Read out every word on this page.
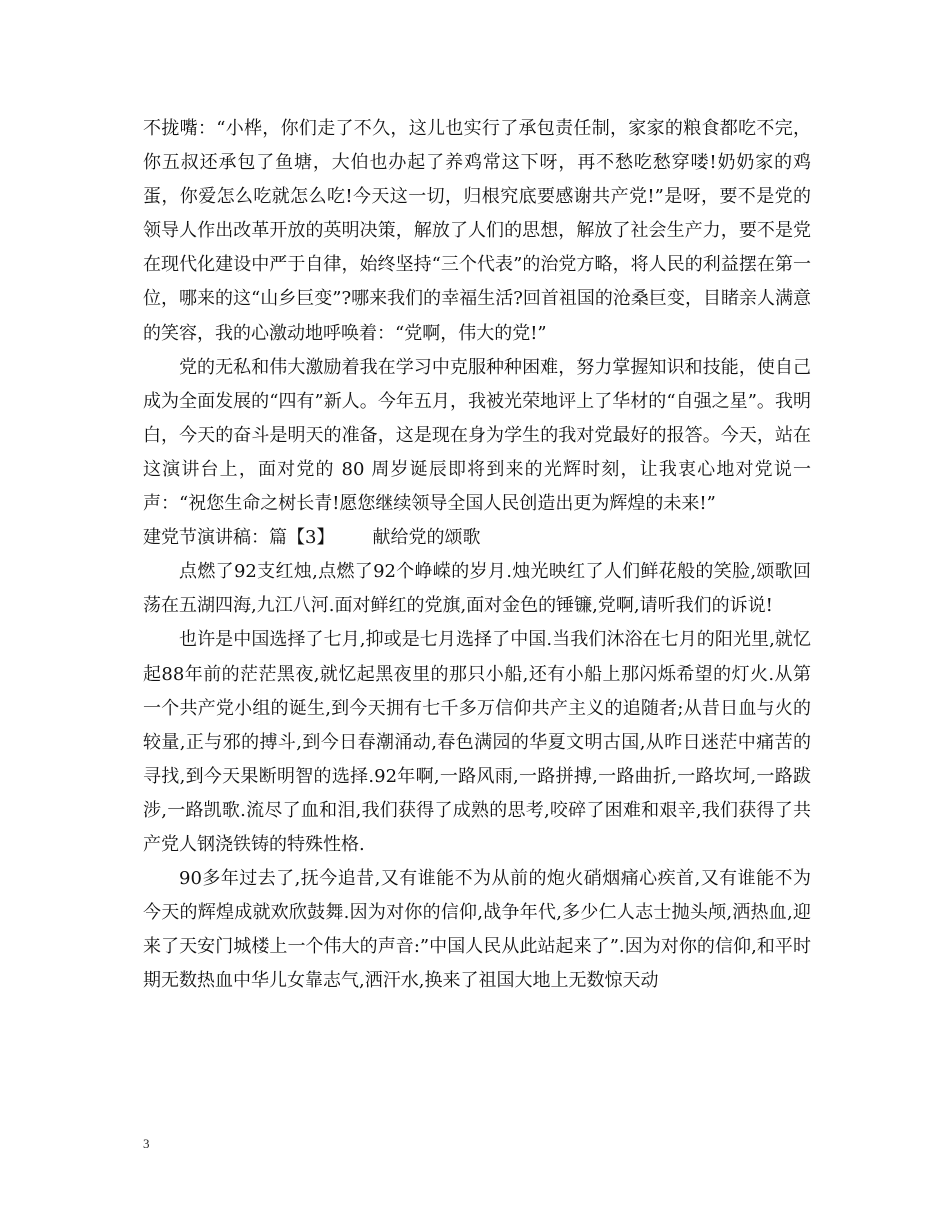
不拢嘴：“小桦，你们走了不久，这儿也实行了承包责任制，家家的粮食都吃不完，你五叔还承包了鱼塘，大伯也办起了养鸡常这下呀，再不愁吃愁穿喽!奶奶家的鸡蛋，你爱怎么吃就怎么吃!今天这一切，归根究底要感谢共产党!”是呀，要不是党的领导人作出改革开放的英明决策，解放了人们的思想，解放了社会生产力，要不是党在现代化建设中严于自律，始终坚持“三个代表”的治党方略，将人民的利益摆在第一位，哪来的这“山乡巨变”?哪来我们的幸福生活?回首祖国的沧桑巨变，目睹亲人满意的笑容，我的心激动地呼唤着：“党啊，伟大的党!”

党的无私和伟大激励着我在学习中克服种种困难，努力掌握知识和技能，使自己成为全面发展的“四有”新人。今年五月，我被光荣地评上了华材的“自强之星”。我明白，今天的奋斗是明天的准备，这是现在身为学生的我对党最好的报答。今天，站在这演讲台上，面对党的 80 周岁诞辰即将到来的光辉时刻，让我衷心地对党说一声：“祝您生命之树长青!愿您继续领导全国人民创造出更为辉煌的未来!”

建党节演讲稿：篇【3】 献给党的颂歌

点燃了92支红烛,点燃了92个峥嵘的岁月.烛光映红了人们鲜花般的笑脸,颂歌回荡在五湖四海,九江八河.面对鲜红的党旗,面对金色的锤镰,党啊,请听我们的诉说!

也许是中国选择了七月,抑或是七月选择了中国.当我们沐浴在七月的阳光里,就忆起88年前的茫茫黑夜,就忆起黑夜里的那只小船,还有小船上那闪烁希望的灯火.从第一个共产党小组的诞生,到今天拥有七千多万信仰共产主义的追随者;从昔日血与火的较量,正与邪的搏斗,到今日春潮涌动,春色满园的华夏文明古国,从昨日迷茫中痛苦的寻找,到今天果断明智的选择.92年啊,一路风雨,一路拼搏,一路曲折,一路坎坷,一路跋涉,一路凯歌.流尽了血和泪,我们获得了成熟的思考,咬碎了困难和艰辛,我们获得了共产党人钢浇铁铸的特殊性格.

90多年过去了,抚今追昔,又有谁能不为从前的炮火硝烟痛心疾首,又有谁能不为今天的辉煌成就欢欣鼓舞.因为对你的信仰,战争年代,多少仁人志士抛头颅,洒热血,迎来了天安门城楼上一个伟大的声音:”中国人民从此站起来了”.因为对你的信仰,和平时期无数热血中华儿女靠志气,洒汗水,换来了祖国大地上无数惊天动

3
